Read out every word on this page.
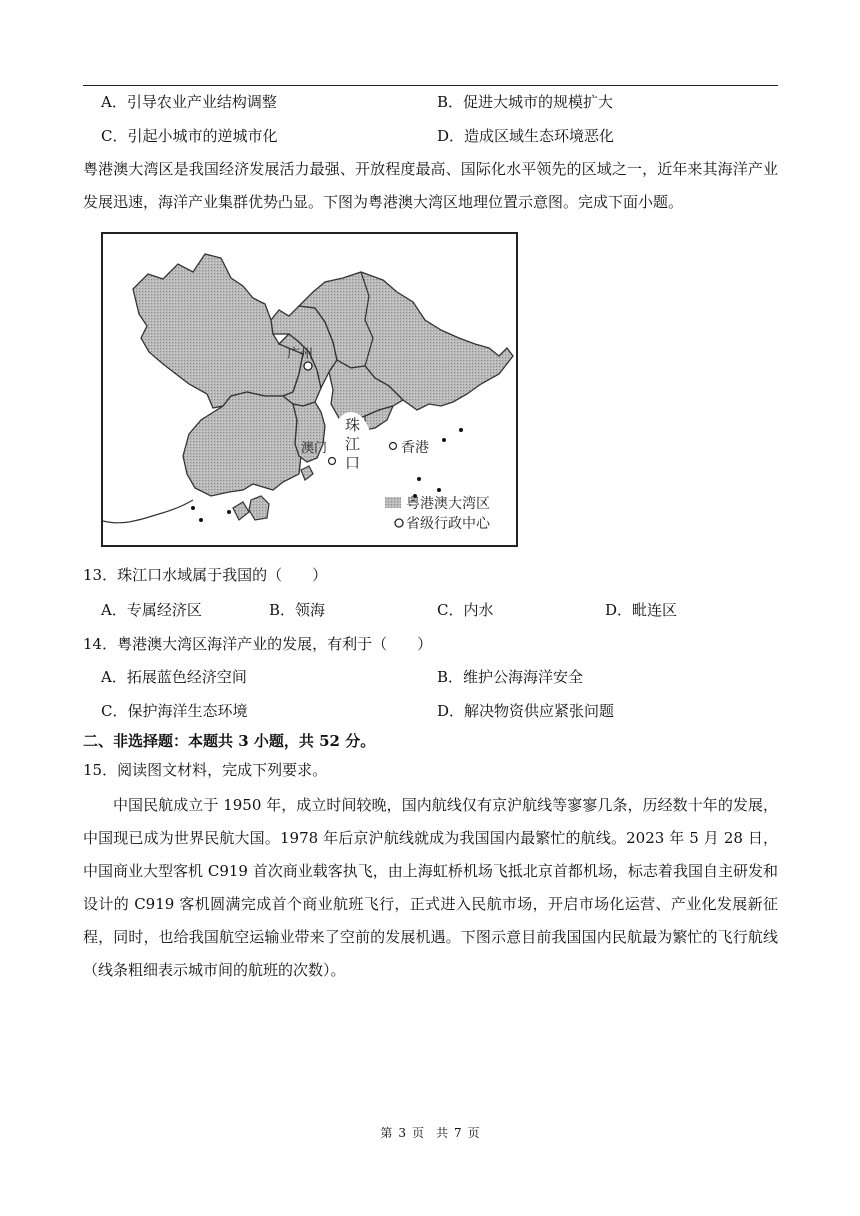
A．引导农业产业结构调整	B．促进大城市的规模扩大
C．引起小城市的逆城市化	D．造成区域生态环境恶化
粤港澳大湾区是我国经济发展活力最强、开放程度最高、国际化水平领先的区域之一，近年来其海洋产业发展迅速，海洋产业集群优势凸显。下图为粤港澳大湾区地理位置示意图。完成下面小题。
广州
澳门
珠
江
口
香港
粤港澳大湾区
省级行政中心
13．珠江口水域属于我国的（　　）
A．专属经济区	B．领海	C．内水	D．毗连区
14．粤港澳大湾区海洋产业的发展，有利于（　　）
A．拓展蓝色经济空间	B．维护公海海洋安全
C．保护海洋生态环境	D．解决物资供应紧张问题
二、非选择题：本题共 3 小题，共 52 分。
15．阅读图文材料，完成下列要求。
中国民航成立于 1950 年，成立时间较晚，国内航线仅有京沪航线等寥寥几条，历经数十年的发展，中国现已成为世界民航大国。1978 年后京沪航线就成为我国国内最繁忙的航线。2023 年 5 月 28 日，中国商业大型客机 C919 首次商业载客执飞，由上海虹桥机场飞抵北京首都机场，标志着我国自主研发和设计的 C919 客机圆满完成首个商业航班飞行，正式进入民航市场，开启市场化运营、产业化发展新征程，同时，也给我国航空运输业带来了空前的发展机遇。下图示意目前我国国内民航最为繁忙的飞行航线（线条粗细表示城市间的航班的次数）。
第 3 页　共 7 页
